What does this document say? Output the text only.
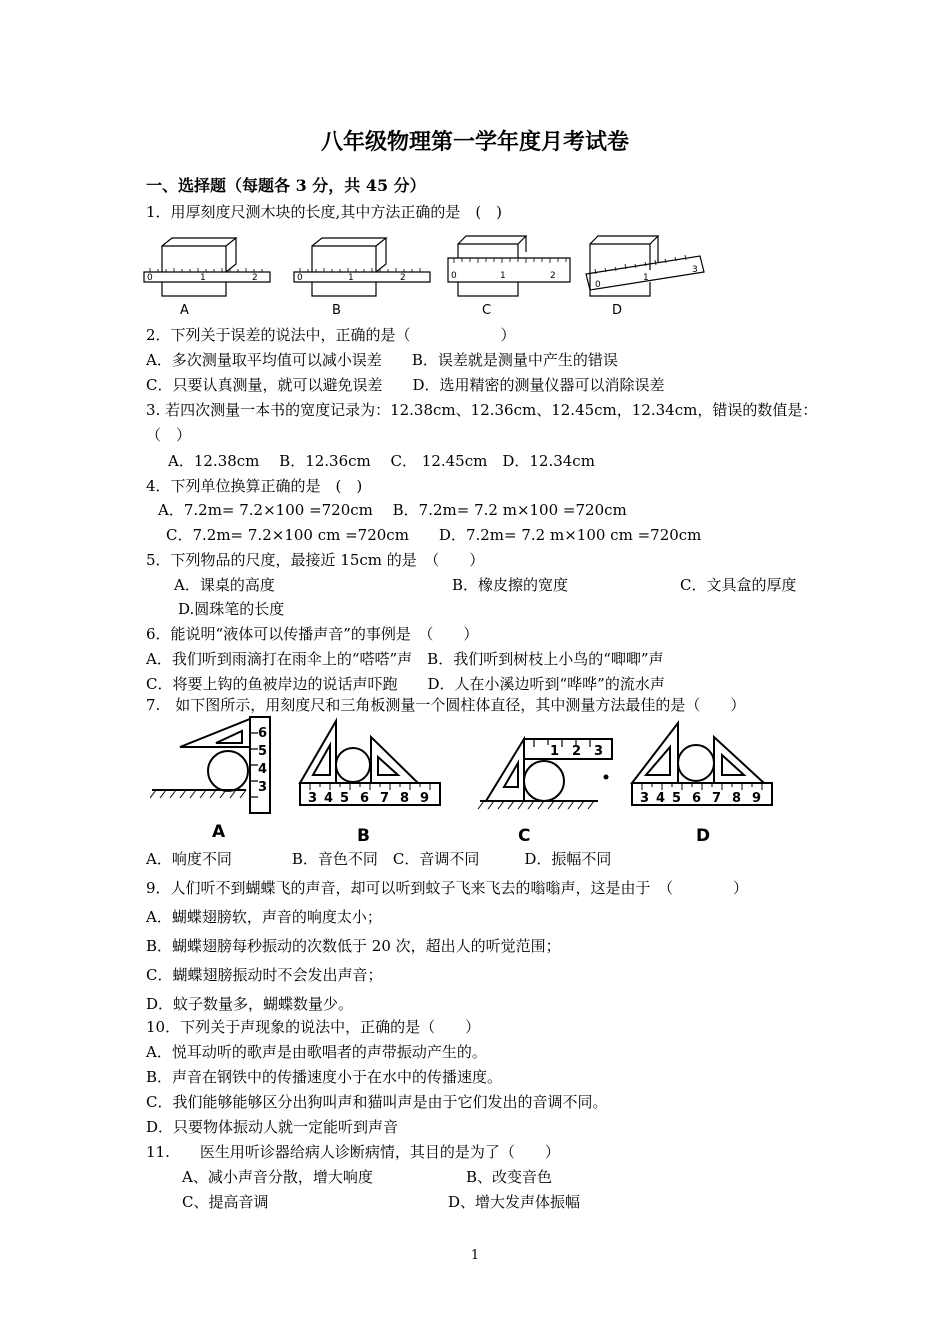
八年级物理第一学年度月考试卷
一、选择题（每题各 3 分，共 45 分）
1．用厚刻度尺测木块的长度,其中方法正确的是　(　)
0	1	2	0	1	2	0	1	2
0
1
3
A	B	C	D
2．下列关于误差的说法中，正确的是（　　　　　　）
A．多次测量取平均值可以减小误差　　B．误差就是测量中产生的错误
C．只要认真测量，就可以避免误差　　D．选用精密的测量仪器可以消除误差
3. 若四次测量一本书的宽度记录为：12.38cm、12.36cm、12.45cm，12.34cm，错误的数值是：
（　）
A．12.38cm　 B．12.36cm　 C． 12.45cm　D．12.34cm
4．下列单位换算正确的是　(　)
A．7.2m= 7.2×100 =720cm　 B．7.2m= 7.2 m×100 =720cm
C．7.2m= 7.2×100 cm =720cm　　D．7.2m= 7.2 m×100 cm =720cm
5．下列物品的尺度，最接近 15cm 的是　（　　）
A．课桌的高度	B．橡皮擦的宽度	C．文具盒的厚度
D.圆珠笔的长度
6．能说明“液体可以传播声音”的事例是　（　　）
A．我们听到雨滴打在雨伞上的“嗒嗒”声　B．我们听到树枝上小鸟的“唧唧”声
C．将要上钩的鱼被岸边的说话声吓跑　　D．人在小溪边听到“哗哗”的流水声
7.　如下图所示，用刻度尺和三角板测量一个圆柱体直径，其中测量方法最佳的是（　　）
3 4 5 6 7 8 9	3 4 5 6 7 8 9
6
5
4
3
3
2
1
A	B	C	D
A．响度不同　　　　B．音色不同　C．音调不同　　　D．振幅不同
9．人们听不到蝴蝶飞的声音，却可以听到蚊子飞来飞去的嗡嗡声，这是由于　（　　　　）
A．蝴蝶翅膀软，声音的响度太小；
B．蝴蝶翅膀每秒振动的次数低于 20 次，超出人的听觉范围；
C．蝴蝶翅膀振动时不会发出声音；
D．蚊子数量多，蝴蝶数量少。
10．下列关于声现象的说法中，正确的是（　　）
A．悦耳动听的歌声是由歌唱者的声带振动产生的。
B．声音在钢铁中的传播速度小于在水中的传播速度。
C．我们能够能够区分出狗叫声和猫叫声是由于它们发出的音调不同。
D．只要物体振动人就一定能听到声音
11.　　医生用听诊器给病人诊断病情，其目的是为了（　　）
A、减小声音分散，增大响度	B、改变音色
C、提高音调	D、增大发声体振幅
1
